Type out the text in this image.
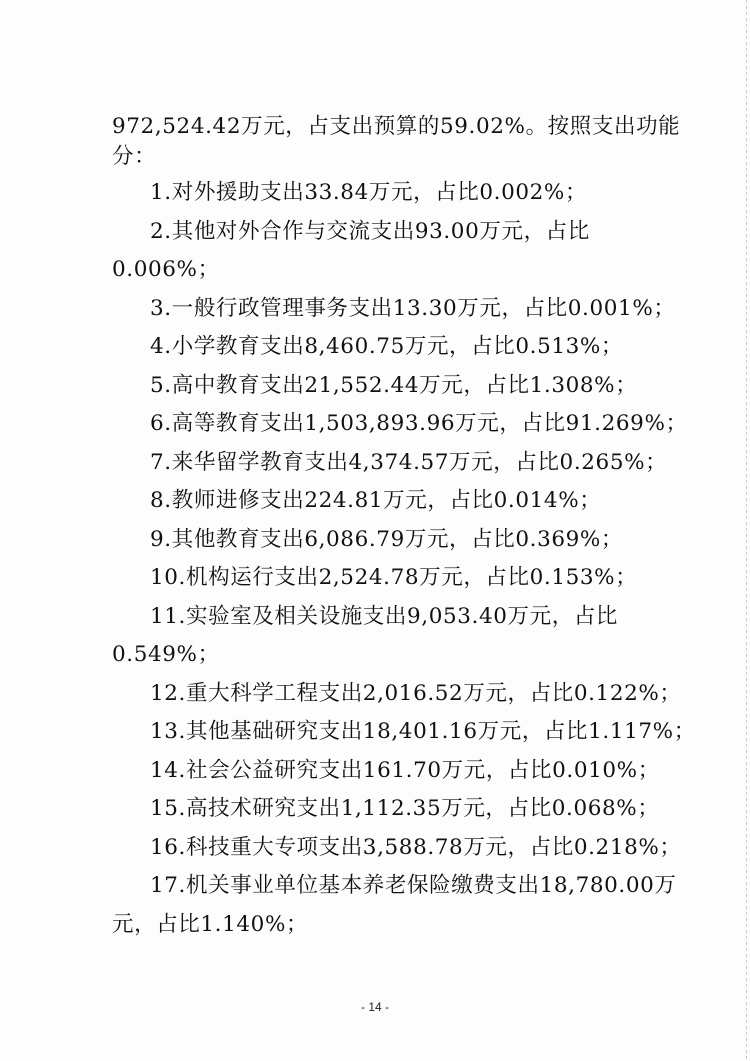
972,524.42万元，占支出预算的59.02%。按照支出功能
分：
1.对外援助支出33.84万元，占比0.002%；
2.其他对外合作与交流支出93.00万元，占比
0.006%；
3.一般行政管理事务支出13.30万元，占比0.001%；
4.小学教育支出8,460.75万元，占比0.513%；
5.高中教育支出21,552.44万元，占比1.308%；
6.高等教育支出1,503,893.96万元，占比91.269%；
7.来华留学教育支出4,374.57万元，占比0.265%；
8.教师进修支出224.81万元，占比0.014%；
9.其他教育支出6,086.79万元，占比0.369%；
10.机构运行支出2,524.78万元，占比0.153%；
11.实验室及相关设施支出9,053.40万元，占比
0.549%；
12.重大科学工程支出2,016.52万元，占比0.122%；
13.其他基础研究支出18,401.16万元，占比1.117%；
14.社会公益研究支出161.70万元，占比0.010%；
15.高技术研究支出1,112.35万元，占比0.068%；
16.科技重大专项支出3,588.78万元，占比0.218%；
17.机关事业单位基本养老保险缴费支出18,780.00万
元，占比1.140%；
- 14 -
